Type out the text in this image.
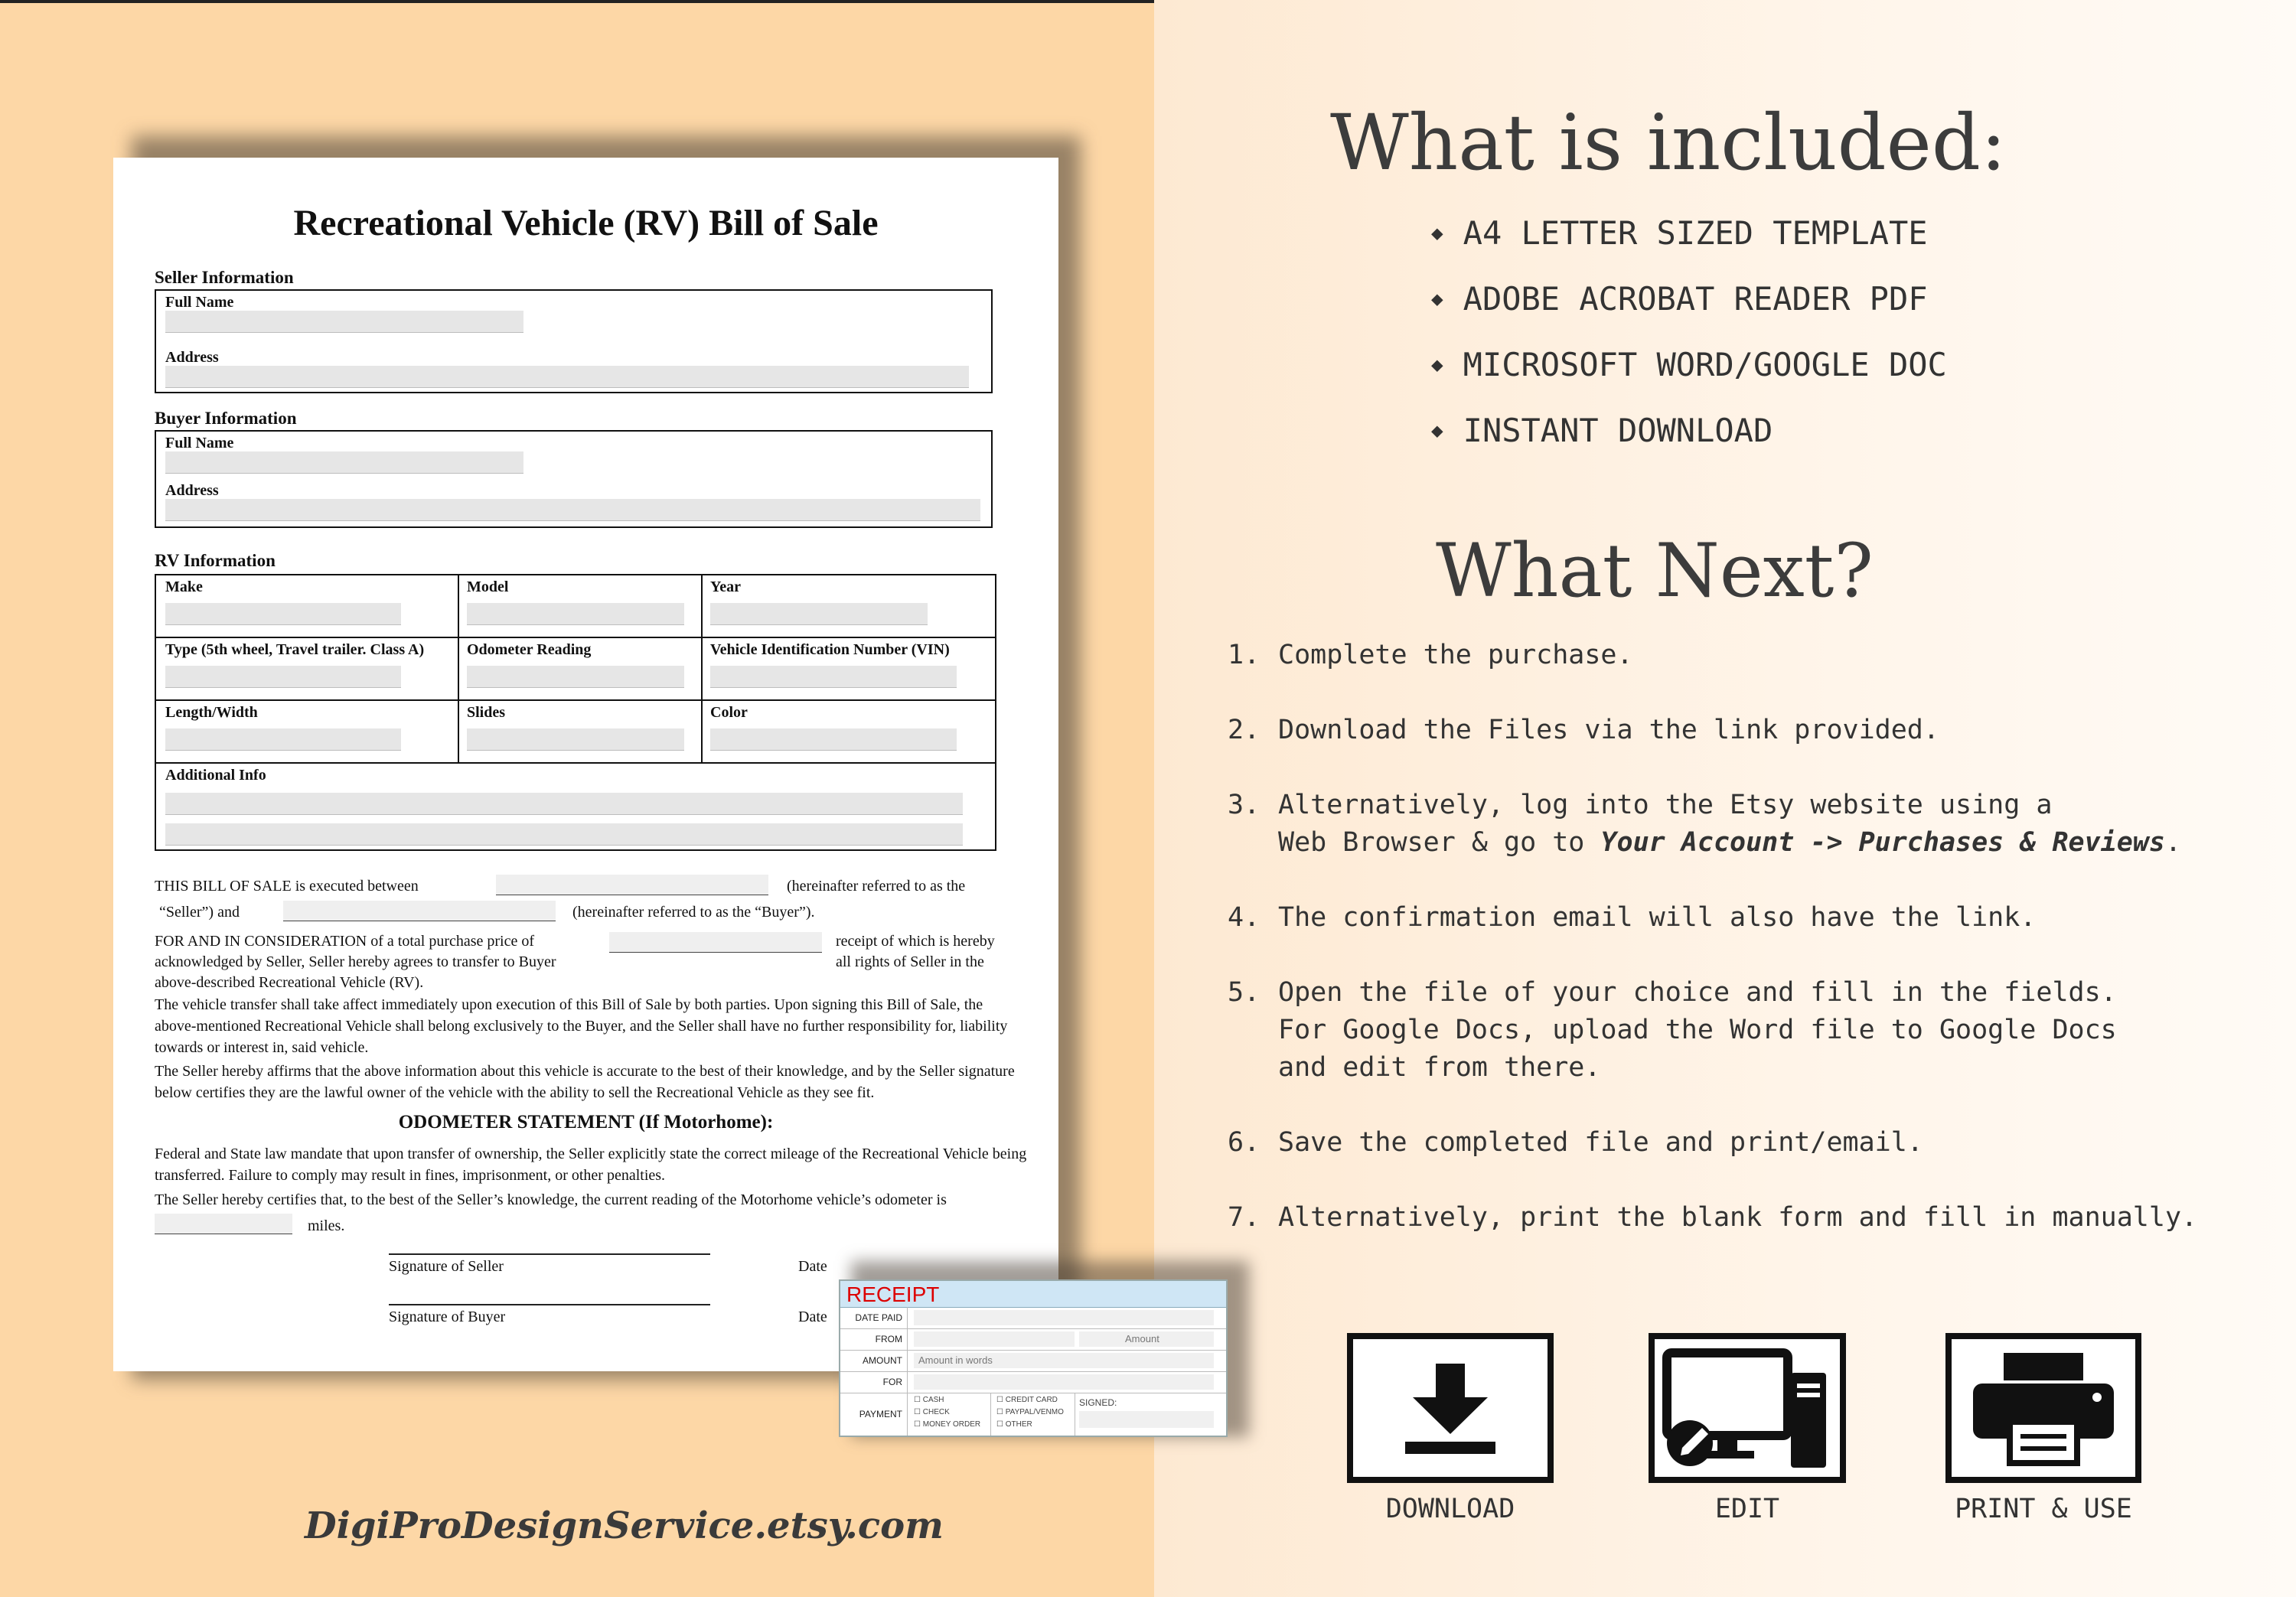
Recreational Vehicle (RV) Bill of Sale
Seller Information
Full Name
Address
Buyer Information
Full Name
Address
RV Information
Make	Model	Year
Type (5th wheel, Travel trailer. Class A)	Odometer Reading	Vehicle Identification Number (VIN)
Length/Width	Slides	Color
Additional Info
THIS BILL OF SALE is executed between	(hereinafter referred to as the
“Seller”) and	(hereinafter referred to as the “Buyer”).
FOR AND IN CONSIDERATION of a total purchase price of	receipt of which is hereby
acknowledged by Seller, Seller hereby agrees to transfer to Buyer	all rights of Seller in the
above-described Recreational Vehicle (RV).
The vehicle transfer shall take affect immediately upon execution of this Bill of Sale by both parties. Upon signing this Bill of Sale, the above-mentioned Recreational Vehicle shall belong exclusively to the Buyer, and the Seller shall have no further responsibility for, liability towards or interest in, said vehicle.
The Seller hereby affirms that the above information about this vehicle is accurate to the best of their knowledge, and by the Seller signature below certifies they are the lawful owner of the vehicle with the ability to sell the Recreational Vehicle as they see fit.
ODOMETER STATEMENT (If Motorhome):
Federal and State law mandate that upon transfer of ownership, the Seller explicitly state the correct mileage of the Recreational Vehicle being transferred. Failure to comply may result in fines, imprisonment, or other penalties.
The Seller hereby certifies that, to the best of the Seller’s knowledge, the current reading of the Motorhome vehicle’s odometer is
miles.
Signature of Seller	Date
Signature of Buyer	Date
RECEIPT
DATE PAID
FROM	Amount
AMOUNT	Amount in words
FOR
PAYMENT
☐ CASH
☐ CHECK
☐ MONEY ORDER
☐ CREDIT CARD
☐ PAYPAL/VENMO
☐ OTHER
SIGNED:
DigiProDesignService.etsy.com
What is included:
◆ A4 LETTER SIZED TEMPLATE
◆ ADOBE ACROBAT READER PDF
◆ MICROSOFT WORD/GOOGLE DOC
◆ INSTANT DOWNLOAD
What Next?
1. Complete the purchase.
2. Download the Files via the link provided.
3. Alternatively, log into the Etsy website using a
Web Browser & go to Your Account -> Purchases & Reviews.
4. The confirmation email will also have the link.
5. Open the file of your choice and fill in the fields.
For Google Docs, upload the Word file to Google Docs
and edit from there.
6. Save the completed file and print/email.
7. Alternatively, print the blank form and fill in manually.
DOWNLOAD	EDIT	PRINT & USE
